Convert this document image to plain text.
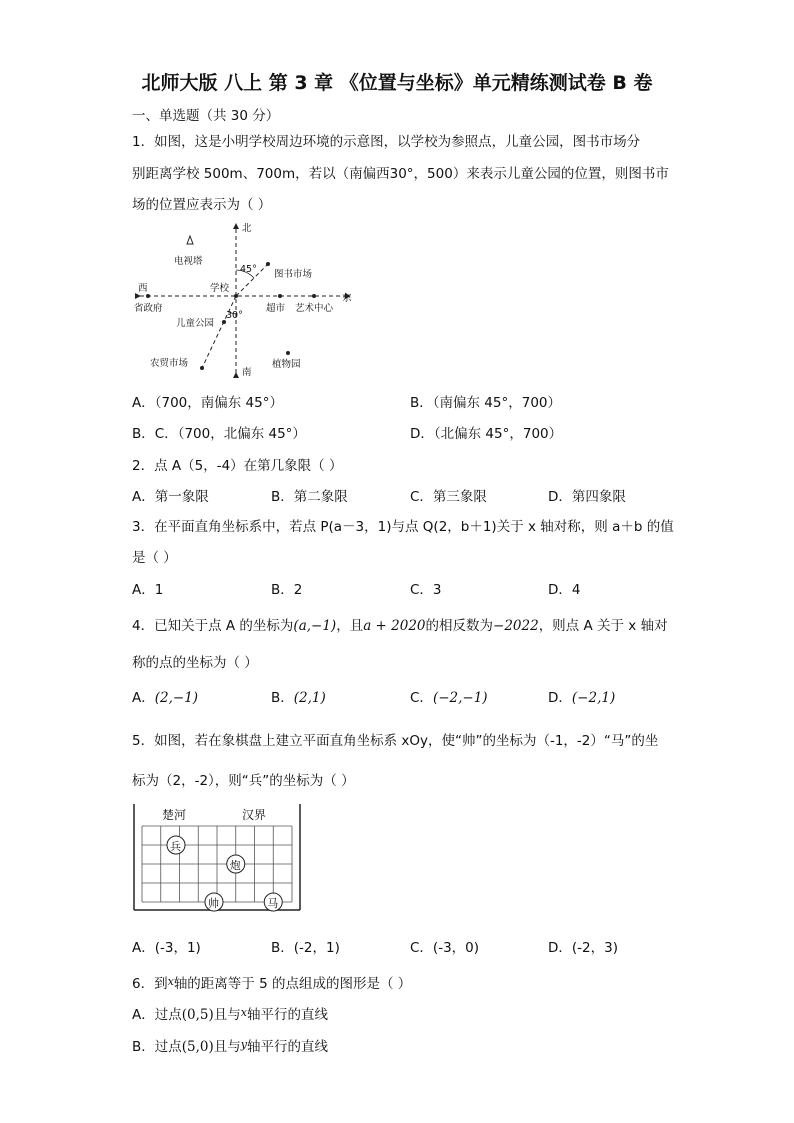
北师大版 八上 第 3 章 《位置与坐标》单元精练测试卷 B 卷
一、单选题（共 30 分）
1．如图，这是小明学校周边环境的示意图，以学校为参照点，儿童公园，图书市场分
别距离学校 500m、700m，若以（南偏西30°，500）来表示儿童公园的位置，则图书市
场的位置应表示为（ ）
北
南
西
东
电视塔
学校
图书市场
省政府	超市 艺术中心
儿童公园
农贸市场	植物园
45°
30°
A．（700，南偏东 45°）	B．（南偏东 45°，700）
B．C．（700，北偏东 45°）	D．（北偏东 45°，700）
2．点 A（5，-4）在第几象限（ ）
A．第一象限	B．第二象限	C．第三象限	D．第四象限
3．在平面直角坐标系中，若点 P(a－3，1)与点 Q(2，b＋1)关于 x 轴对称，则 a＋b 的值
是（ ）
A．1	B．2	C．3	D．4
4．已知关于点 A 的坐标为(a,−1)，且a + 2020的相反数为−2022，则点 A 关于 x 轴对
称的点的坐标为（ ）
A．(2,−1)	B．(2,1)	C．(−2,−1)	D．(−2,1)
5．如图，若在象棋盘上建立平面直角坐标系 xOy，使“帅”的坐标为（-1，-2）“马”的坐
标为（2，-2），则“兵”的坐标为（ ）
楚河	汉界
兵
炮
帅	马
A．(-3，1)	B．(-2，1)	C．(-3，0)	D．(-2，3)
6．到$^x$轴的距离等于 5 的点组成的图形是（ ）
A．过点(0,5)且与$^x$轴平行的直线
B．过点(5,0)且与$^y$轴平行的直线
